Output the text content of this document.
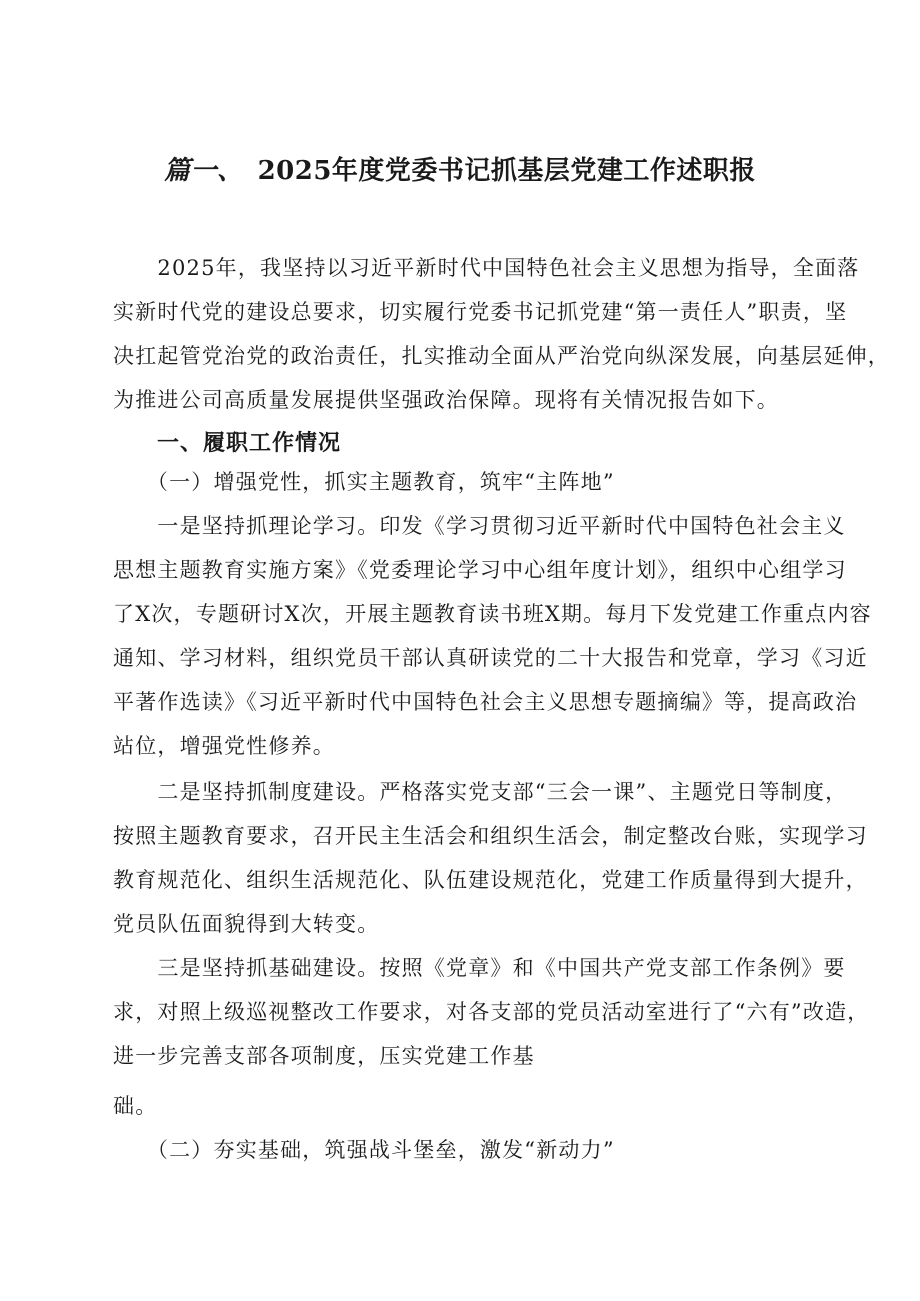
篇一、 2025年度党委书记抓基层党建工作述职报
　　2025年，我坚持以习近平新时代中国特色社会主义思想为指导，全面落
实新时代党的建设总要求，切实履行党委书记抓党建“第一责任人”职责，坚
决扛起管党治党的政治责任，扎实推动全面从严治党向纵深发展，向基层延伸，
为推进公司高质量发展提供坚强政治保障。现将有关情况报告如下。
一、履职工作情况
　　（一）增强党性，抓实主题教育，筑牢“主阵地”
　　一是坚持抓理论学习。印发《学习贯彻习近平新时代中国特色社会主义
思想主题教育实施方案》《党委理论学习中心组年度计划》，组织中心组学习
了X次，专题研讨X次，开展主题教育读书班X期。每月下发党建工作重点内容
通知、学习材料，组织党员干部认真研读党的二十大报告和党章，学习《习近
平著作选读》《习近平新时代中国特色社会主义思想专题摘编》等，提高政治
站位，增强党性修养。
　　二是坚持抓制度建设。严格落实党支部“三会一课”、主题党日等制度，
按照主题教育要求，召开民主生活会和组织生活会，制定整改台账，实现学习
教育规范化、组织生活规范化、队伍建设规范化，党建工作质量得到大提升，
党员队伍面貌得到大转变。
　　三是坚持抓基础建设。按照《党章》和《中国共产党支部工作条例》要
求，对照上级巡视整改工作要求，对各支部的党员活动室进行了“六有”改造，
进一步完善支部各项制度，压实党建工作基
础。
　　（二）夯实基础，筑强战斗堡垒，激发“新动力”
